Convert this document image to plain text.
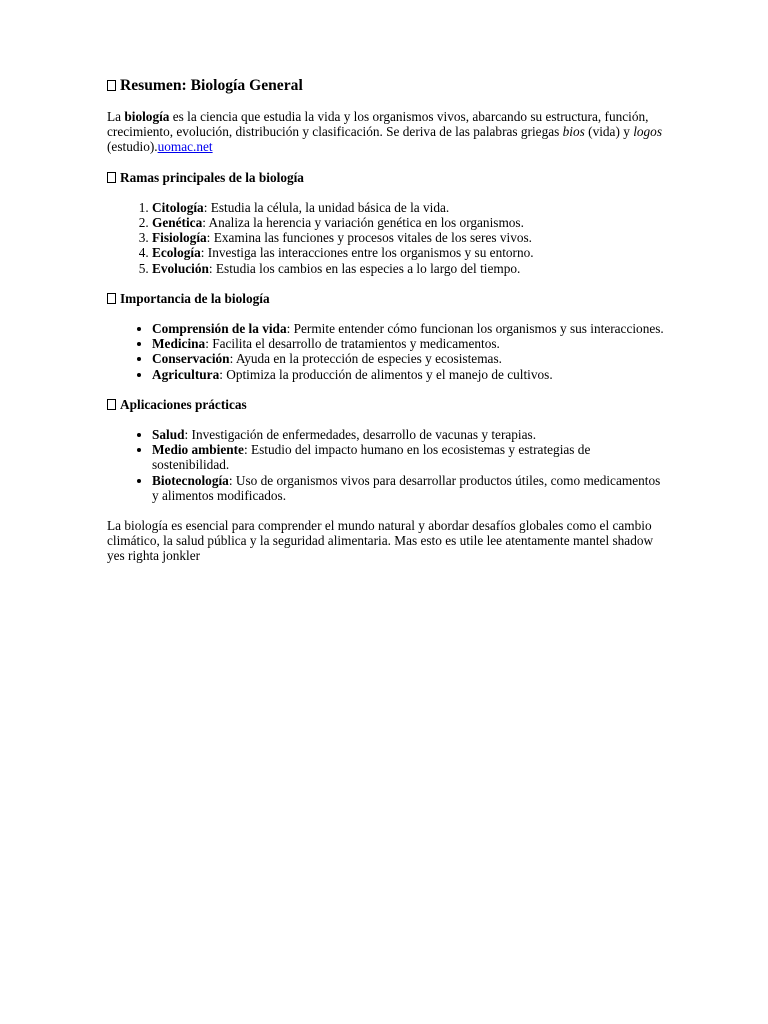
Resumen: Biología General

La biología es la ciencia que estudia la vida y los organismos vivos, abarcando su estructura, función, crecimiento, evolución, distribución y clasificación. Se deriva de las palabras griegas bios (vida) y logos (estudio).uomac.net

Ramas principales de la biología
1. Citología: Estudia la célula, la unidad básica de la vida.
2. Genética: Analiza la herencia y variación genética en los organismos.
3. Fisiología: Examina las funciones y procesos vitales de los seres vivos.
4. Ecología: Investiga las interacciones entre los organismos y su entorno.
5. Evolución: Estudia los cambios en las especies a lo largo del tiempo.
Importancia de la biología
• Comprensión de la vida: Permite entender cómo funcionan los organismos y sus interacciones.
• Medicina: Facilita el desarrollo de tratamientos y medicamentos.
• Conservación: Ayuda en la protección de especies y ecosistemas.
• Agricultura: Optimiza la producción de alimentos y el manejo de cultivos.
Aplicaciones prácticas
• Salud: Investigación de enfermedades, desarrollo de vacunas y terapias.
• Medio ambiente: Estudio del impacto humano en los ecosistemas y estrategias de sostenibilidad.
• Biotecnología: Uso de organismos vivos para desarrollar productos útiles, como medicamentos y alimentos modificados.

La biología es esencial para comprender el mundo natural y abordar desafíos globales como el cambio climático, la salud pública y la seguridad alimentaria. Mas esto es utile lee atentamente mantel shadow yes righta jonkler
